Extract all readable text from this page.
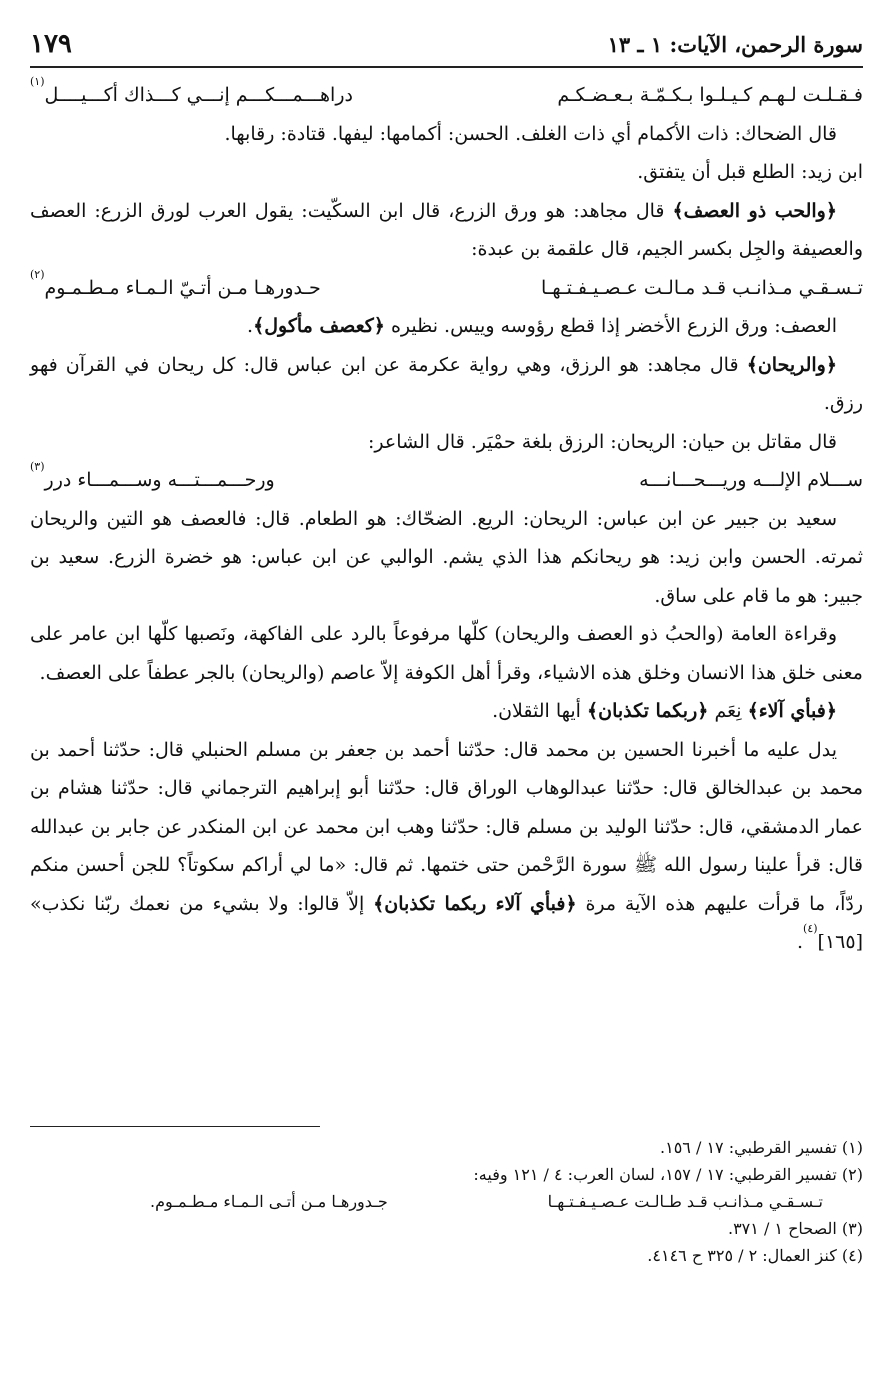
سورة الرحمن، الآيات: ١ ـ ١٣
١٧٩
فـقـلـت لـهـم كـيـلـوا بـكـمّـة بـعـضـكـم
دراهـــمـــكـــم إنـــي كـــذاك أكـــيــــل$^{(١)}$

قال الضحاك: ذات الأكمام أي ذات الغلف. الحسن: أكمامها: ليفها. قتادة: رقابها.

ابن زيد: الطلع قبل أن يتفتق.

﴿والحب ذو العصف﴾ قال مجاهد: هو ورق الزرع، قال ابن السكّيت: يقول العرب لورق الزرع: العصف والعصيفة والجِل بكسر الجيم، قال علقمة بن عبدة:

تـسـقـي مـذانـب قـد مـالـت عـصـيـفـتـهـا
حـدورهـا مـن أتـيّ الـمـاء مـطـمـوم$^{(٢)}$

العصف: ورق الزرع الأخضر إذا قطع رؤوسه وييس. نظيره ﴿كعصف مأكول﴾.

﴿والريحان﴾ قال مجاهد: هو الرزق، وهي رواية عكرمة عن ابن عباس قال: كل ريحان في القرآن فهو رزق.

قال مقاتل بن حيان: الريحان: الرزق بلغة حمْيَر. قال الشاعر:

ســـلام الإلـــه وريـــحـــانـــه
ورحـــمـــتـــه وســـمـــاء درر$^{(٣)}$

سعيد بن جبير عن ابن عباس: الريحان: الريع. الضحّاك: هو الطعام. قال: فالعصف هو التين والريحان ثمرته. الحسن وابن زيد: هو ريحانكم هذا الذي يشم. الوالبي عن ابن عباس: هو خضرة الزرع. سعيد بن جبير: هو ما قام على ساق.

وقراءة العامة (والحبُ ذو العصف والريحان) كلّها مرفوعاً بالرد على الفاكهة، ونَصبها كلّها ابن عامر على معنى خلق هذا الانسان وخلق هذه الاشياء، وقرأ أهل الكوفة إلاّ عاصم (والريحان) بالجر عطفاً على العصف.

﴿فبأي آلاء﴾ نِعَم ﴿ربكما تكذبان﴾ أيها الثقلان.

يدل عليه ما أخبرنا الحسين بن محمد قال: حدّثنا أحمد بن جعفر بن مسلم الحنبلي قال: حدّثنا أحمد بن محمد بن عبدالخالق قال: حدّثنا عبدالوهاب الوراق قال: حدّثنا أبو إبراهيم الترجماني قال: حدّثنا هشام بن عمار الدمشقي، قال: حدّثنا الوليد بن مسلم قال: حدّثنا وهب ابن محمد عن ابن المنكدر عن جابر بن عبدالله قال: قرأ علينا رسول الله ﷺ سورة الرَّحْمن حتى ختمها. ثم قال: «ما لي أراكم سكوتاً؟ للجن أحسن منكم ردّاً، ما قرأت عليهم هذه الآية مرة ﴿فبأي آلاء ربكما تكذبان﴾ إلاّ قالوا: ولا بشيء من نعمك ربّنا نكذب» [١٦٥]$^{(٤)}$.

(١) تفسير القرطبي: ١٧ / ١٥٦.

(٢) تفسير القرطبي: ١٧ / ١٥٧، لسان العرب: ٤ / ١٢١ وفيه:

تـسـقـي مـذانـب قـد طـالـت عـصـيـفـتـهـا
جـدورهـا مـن أتـى الـمـاء مـطـمـوم.

(٣) الصحاح ١ / ٣٧١.

(٤) كنز العمال: ٢ / ٣٢٥ ح ٤١٤٦.
